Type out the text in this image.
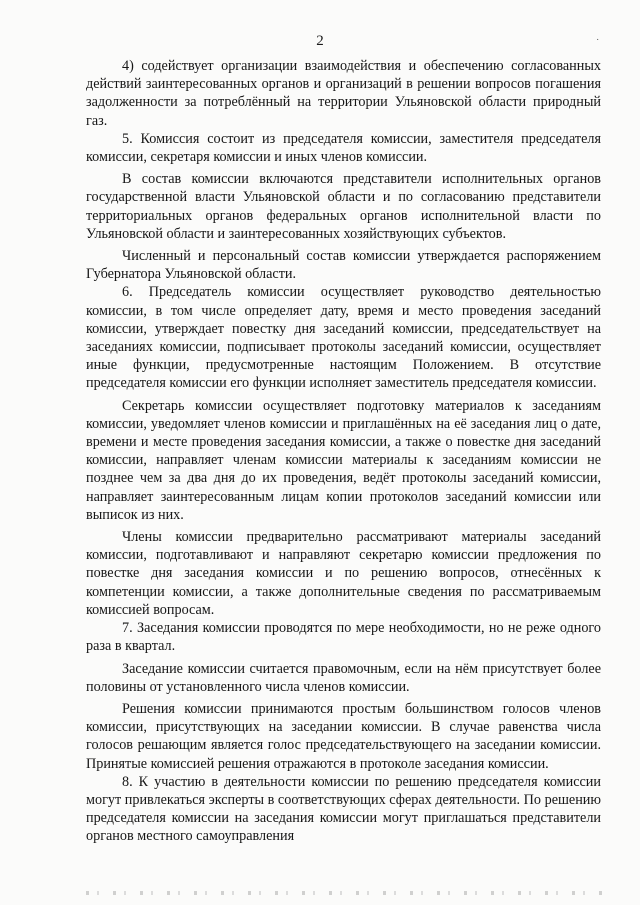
2	˙

4) содействует организации взаимодействия и обеспечению согласованных действий заинтересованных органов и организаций в решении вопросов погашения задолженности за потреблённый на территории Ульяновской области природный газ.

5. Комиссия состоит из председателя комиссии, заместителя председателя комиссии, секретаря комиссии и иных членов комиссии.

В состав комиссии включаются представители исполнительных органов государственной власти Ульяновской области и по согласованию представители территориальных органов федеральных органов исполнительной власти по Ульяновской области и заинтересованных хозяйствующих субъектов.

Численный и персональный состав комиссии утверждается распоряжением Губернатора Ульяновской области.

6. Председатель комиссии осуществляет руководство деятельностью комиссии, в том числе определяет дату, время и место проведения заседаний комиссии, утверждает повестку дня заседаний комиссии, председательствует на заседаниях комиссии, подписывает протоколы заседаний комиссии, осуществляет иные функции, предусмотренные настоящим Положением. В отсутствие председателя комиссии его функции исполняет заместитель председателя комиссии.

Секретарь комиссии осуществляет подготовку материалов к заседаниям комиссии, уведомляет членов комиссии и приглашённых на её заседания лиц о дате, времени и месте проведения заседания комиссии, а также о повестке дня заседаний комиссии, направляет членам комиссии материалы к заседаниям комиссии не позднее чем за два дня до их проведения, ведёт протоколы заседаний комиссии, направляет заинтересованным лицам копии протоколов заседаний комиссии или выписок из них.

Члены комиссии предварительно рассматривают материалы заседаний комиссии, подготавливают и направляют секретарю комиссии предложения по повестке дня заседания комиссии и по решению вопросов, отнесённых к компетенции комиссии, а также дополнительные сведения по рассматриваемым комиссией вопросам.

7. Заседания комиссии проводятся по мере необходимости, но не реже одного раза в квартал.

Заседание комиссии считается правомочным, если на нём присутствует более половины от установленного числа членов комиссии.

Решения комиссии принимаются простым большинством голосов членов комиссии, присутствующих на заседании комиссии. В случае равенства числа голосов решающим является голос председательствующего на заседании комиссии. Принятые комиссией решения отражаются в протоколе заседания комиссии.

8. К участию в деятельности комиссии по решению председателя комиссии могут привлекаться эксперты в соответствующих сферах деятельности. По решению председателя комиссии на заседания комиссии могут приглашаться представители органов местного самоуправления
